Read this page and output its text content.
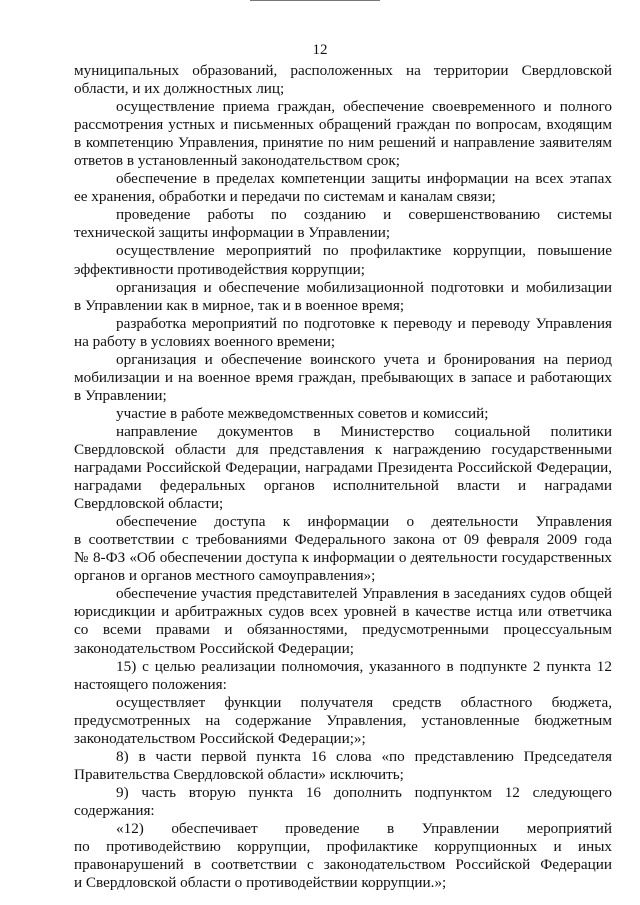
12
муниципальных образований, расположенных на территории Свердловской
области, и их должностных лиц;
осуществление приема граждан, обеспечение своевременного и полного
рассмотрения устных и письменных обращений граждан по вопросам, входящим
в компетенцию Управления, принятие по ним решений и направление заявителям
ответов в установленный законодательством срок;
обеспечение в пределах компетенции защиты информации на всех этапах
ее хранения, обработки и передачи по системам и каналам связи;
проведение работы по созданию и совершенствованию системы
технической защиты информации в Управлении;
осуществление мероприятий по профилактике коррупции, повышение
эффективности противодействия коррупции;
организация и обеспечение мобилизационной подготовки и мобилизации
в Управлении как в мирное, так и в военное время;
разработка мероприятий по подготовке к переводу и переводу Управления
на работу в условиях военного времени;
организация и обеспечение воинского учета и бронирования на период
мобилизации и на военное время граждан, пребывающих в запасе и работающих
в Управлении;
участие в работе межведомственных советов и комиссий;
направление документов в Министерство социальной политики
Свердловской области для представления к награждению государственными
наградами Российской Федерации, наградами Президента Российской Федерации,
наградами федеральных органов исполнительной власти и наградами
Свердловской области;
обеспечение доступа к информации о деятельности Управления
в соответствии с требованиями Федерального закона от 09 февраля 2009 года
№ 8-ФЗ «Об обеспечении доступа к информации о деятельности государственных
органов и органов местного самоуправления»;
обеспечение участия представителей Управления в заседаниях судов общей
юрисдикции и арбитражных судов всех уровней в качестве истца или ответчика
со всеми правами и обязанностями, предусмотренными процессуальным
законодательством Российской Федерации;
15) с целью реализации полномочия, указанного в подпункте 2 пункта 12
настоящего положения:
осуществляет функции получателя средств областного бюджета,
предусмотренных на содержание Управления, установленные бюджетным
законодательством Российской Федерации;»;
8) в части первой пункта 16 слова «по представлению Председателя
Правительства Свердловской области» исключить;
9) часть вторую пункта 16 дополнить подпунктом 12 следующего
содержания:
«12) обеспечивает проведение в Управлении мероприятий
по противодействию коррупции, профилактике коррупционных и иных
правонарушений в соответствии с законодательством Российской Федерации
и Свердловской области о противодействии коррупции.»;
